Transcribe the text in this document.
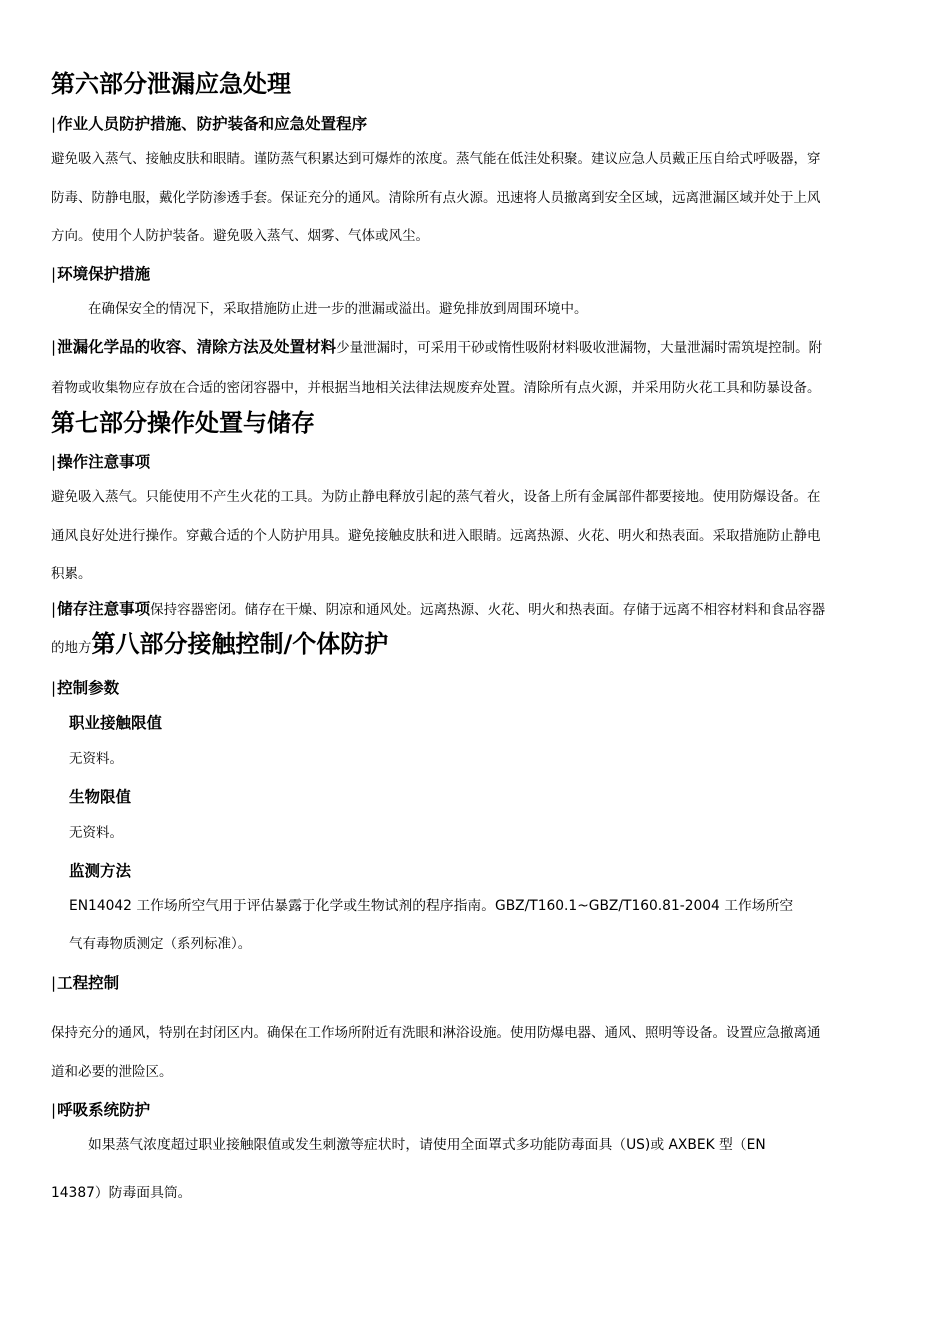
第六部分泄漏应急处理
|作业人员防护措施、防护装备和应急处置程序

避免吸入蒸气、接触皮肤和眼睛。谨防蒸气积累达到可爆炸的浓度。蒸气能在低洼处积聚。建议应急人员戴正压自给式呼吸器，穿

防毒、防静电服，戴化学防渗透手套。保证充分的通风。清除所有点火源。迅速将人员撤离到安全区域，远离泄漏区域并处于上风

方向。使用个人防护装备。避免吸入蒸气、烟雾、气体或风尘。

|环境保护措施

在确保安全的情况下，采取措施防止进一步的泄漏或溢出。避免排放到周围环境中。

|泄漏化学品的收容、清除方法及处置材料少量泄漏时，可采用干砂或惰性吸附材料吸收泄漏物，大量泄漏时需筑堤控制。附

着物或收集物应存放在合适的密闭容器中，并根据当地相关法律法规废弃处置。清除所有点火源，并采用防火花工具和防暴设备。

第七部分操作处置与储存
|操作注意事项

避免吸入蒸气。只能使用不产生火花的工具。为防止静电释放引起的蒸气着火，设备上所有金属部件都要接地。使用防爆设备。在

通风良好处进行操作。穿戴合适的个人防护用具。避免接触皮肤和进入眼睛。远离热源、火花、明火和热表面。采取措施防止静电

积累。

|储存注意事项保持容器密闭。储存在干燥、阴凉和通风处。远离热源、火花、明火和热表面。存储于远离不相容材料和食品容器
的地方第八部分接触控制/个体防护
|控制参数
职业接触限值

无资料。

生物限值

无资料。

监测方法

EN14042 工作场所空气用于评估暴露于化学或生物试剂的程序指南。GBZ/T160.1~GBZ/T160.81-2004 工作场所空

气有毒物质测定（系列标准）。

|工程控制

保持充分的通风，特别在封闭区内。确保在工作场所附近有洗眼和淋浴设施。使用防爆电器、通风、照明等设备。设置应急撤离通

道和必要的泄险区。

|呼吸系统防护

如果蒸气浓度超过职业接触限值或发生刺激等症状时，请使用全面罩式多功能防毒面具（US)或 AXBEK 型（EN

14387）防毒面具筒。
